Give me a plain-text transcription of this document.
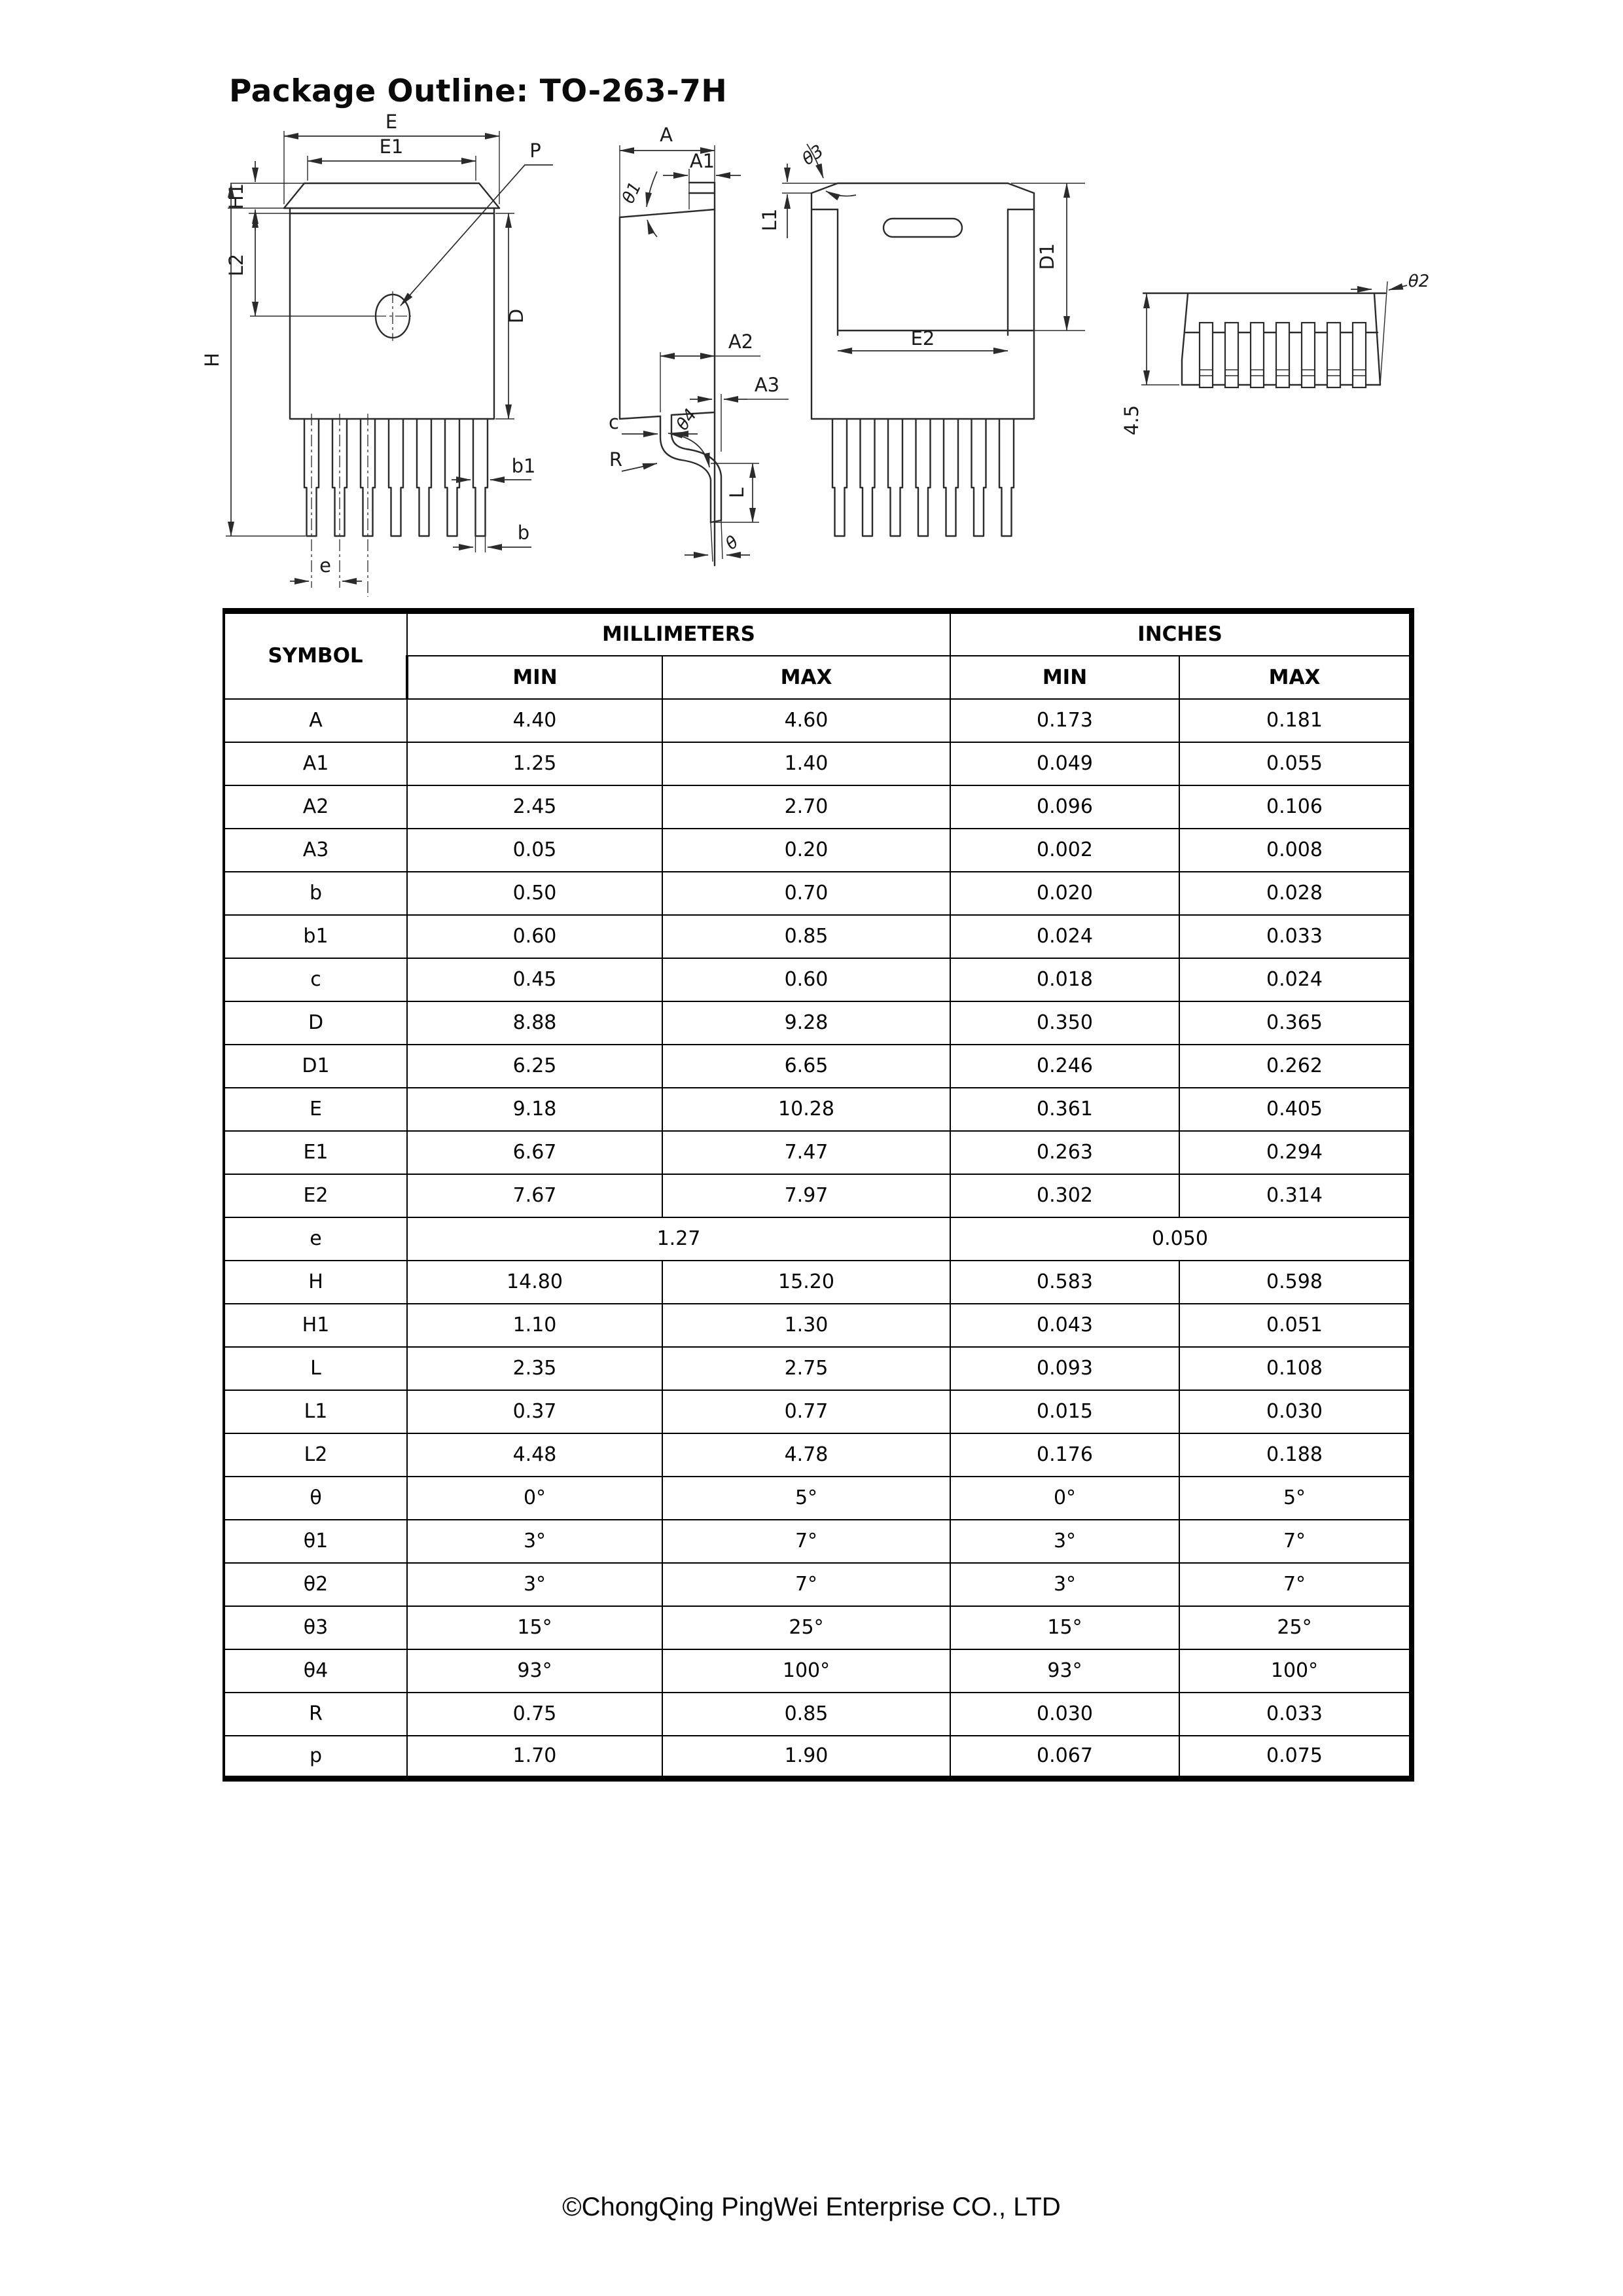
Package Outline: TO-263-7H
E
E1
H1
L2
H
D
P
b1
b
e
A
A1
θ1
A2
A3
c	θ4
R
L
θ
L1
θ3
E2
D1
4.5
θ2
SYMBOL	MILLIMETERS		INCHES	
	MIN	MAX	MIN	MAX
A	4.40	4.60	0.173	0.181
A1	1.25	1.40	0.049	0.055
A2	2.45	2.70	0.096	0.106
A3	0.05	0.20	0.002	0.008
b	0.50	0.70	0.020	0.028
b1	0.60	0.85	0.024	0.033
c	0.45	0.60	0.018	0.024
D	8.88	9.28	0.350	0.365
D1	6.25	6.65	0.246	0.262
E	9.18	10.28	0.361	0.405
E1	6.67	7.47	0.263	0.294
E2	7.67	7.97	0.302	0.314
e	1.27		0.050	
H	14.80	15.20	0.583	0.598
H1	1.10	1.30	0.043	0.051
L	2.35	2.75	0.093	0.108
L1	0.37	0.77	0.015	0.030
L2	4.48	4.78	0.176	0.188
θ	0°	5°	0°	5°
θ1	3°	7°	3°	7°
θ2	3°	7°	3°	7°
θ3	15°	25°	15°	25°
θ4	93°	100°	93°	100°
R	0.75	0.85	0.030	0.033
p	1.70	1.90	0.067	0.075
©ChongQing PingWei Enterprise CO., LTD
